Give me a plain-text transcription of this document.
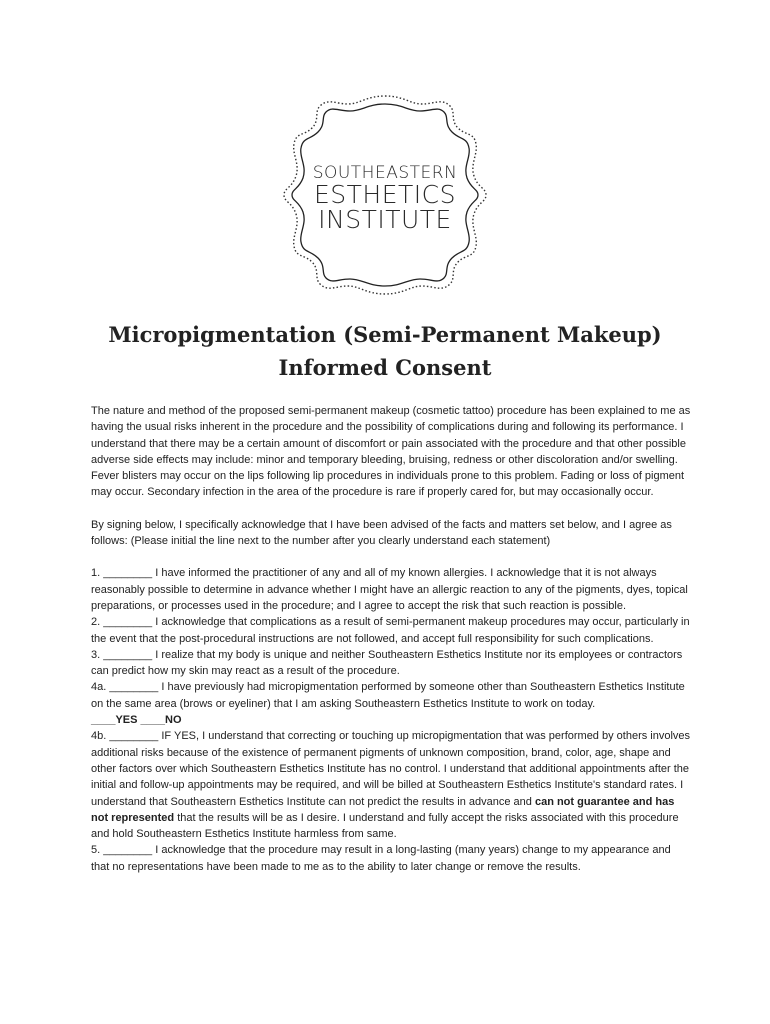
SOUTHEASTERN
ESTHETICS
INSTITUTE
Micropigmentation (Semi-Permanent Makeup)
Informed Consent

The nature and method of the proposed semi-permanent makeup (cosmetic tattoo) procedure has been explained to me as having the usual risks inherent in the procedure and the possibility of complications during and following its performance. I understand that there may be a certain amount of discomfort or pain associated with the procedure and that other possible adverse side effects may include: minor and temporary bleeding, bruising, redness or other discoloration and/or swelling. Fever blisters may occur on the lips following lip procedures in individuals prone to this problem. Fading or loss of pigment may occur. Secondary infection in the area of the procedure is rare if properly cared for, but may occasionally occur.

By signing below, I specifically acknowledge that I have been advised of the facts and matters set below, and I agree as follows: (Please initial the line next to the number after you clearly understand each statement)

1. ________ I have informed the practitioner of any and all of my known allergies. I acknowledge that it is not always reasonably possible to determine in advance whether I might have an allergic reaction to any of the pigments, dyes, topical preparations, or processes used in the procedure; and I agree to accept the risk that such reaction is possible.

2. ________ I acknowledge that complications as a result of semi-permanent makeup procedures may occur, particularly in the event that the post-procedural instructions are not followed, and accept full responsibility for such complications.

3. ________ I realize that my body is unique and neither Southeastern Esthetics Institute nor its employees or contractors can predict how my skin may react as a result of the procedure.

4a. ________ I have previously had micropigmentation performed by someone other than Southeastern Esthetics Institute on the same area (brows or eyeliner) that I am asking Southeastern Esthetics Institute to work on today.

____YES ____NO

4b. ________ IF YES, I understand that correcting or touching up micropigmentation that was performed by others involves additional risks because of the existence of permanent pigments of unknown composition, brand, color, age, shape and other factors over which Southeastern Esthetics Institute has no control. I understand that additional appointments after the initial and follow-up appointments may be required, and will be billed at Southeastern Esthetics Institute's standard rates. I understand that Southeastern Esthetics Institute can not predict the results in advance and can not guarantee and has not represented that the results will be as I desire. I understand and fully accept the risks associated with this procedure and hold Southeastern Esthetics Institute harmless from same.

5. ________ I acknowledge that the procedure may result in a long-lasting (many years) change to my appearance and that no representations have been made to me as to the ability to later change or remove the results.
